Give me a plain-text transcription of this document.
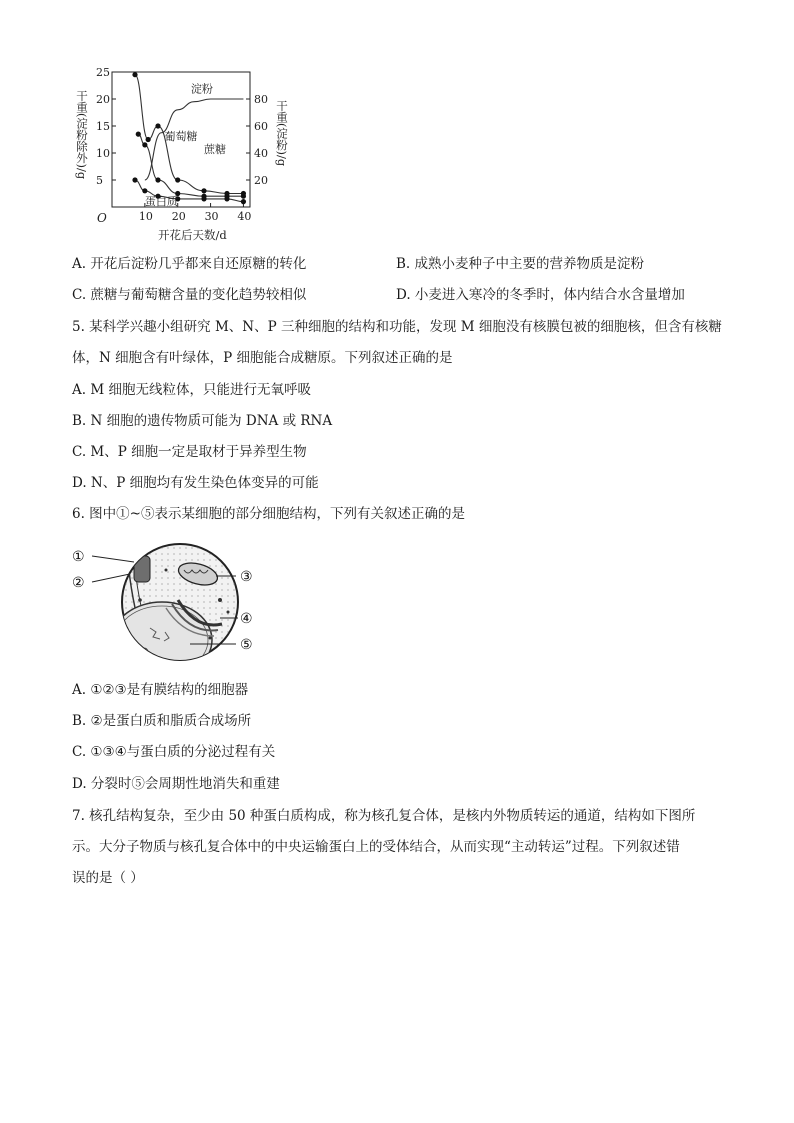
10 20 30 40
5
10
15
20
25
20
40
60
80
葡萄糖
蔗糖
蛋白质
淀粉
干重(淀粉除外)/g	干重(淀粉)/g
开花后天数/d
O
A. 开花后淀粉几乎都来自还原糖的转化	B. 成熟小麦种子中主要的营养物质是淀粉
C. 蔗糖与葡萄糖含量的变化趋势较相似	D. 小麦进入寒冷的冬季时，体内结合水含量增加
5. 某科学兴趣小组研究 M、N、P 三种细胞的结构和功能，发现 M 细胞没有核膜包被的细胞核，但含有核糖
体，N 细胞含有叶绿体，P 细胞能合成糖原。下列叙述正确的是
A. M 细胞无线粒体，只能进行无氧呼吸
B. N 细胞的遗传物质可能为 DNA 或 RNA
C. M、P 细胞一定是取材于异养型生物
D. N、P 细胞均有发生染色体变异的可能
6. 图中①~⑤表示某细胞的部分细胞结构，下列有关叙述正确的是
①
②	③
④
⑤
A. ①②③是有膜结构的细胞器
B. ②是蛋白质和脂质合成场所
C. ①③④与蛋白质的分泌过程有关
D. 分裂时⑤会周期性地消失和重建
7. 核孔结构复杂，至少由 50 种蛋白质构成，称为核孔复合体，是核内外物质转运的通道，结构如下图所
示。大分子物质与核孔复合体中的中央运输蛋白上的受体结合，从而实现“主动转运”过程。下列叙述错
误的是（ ）
